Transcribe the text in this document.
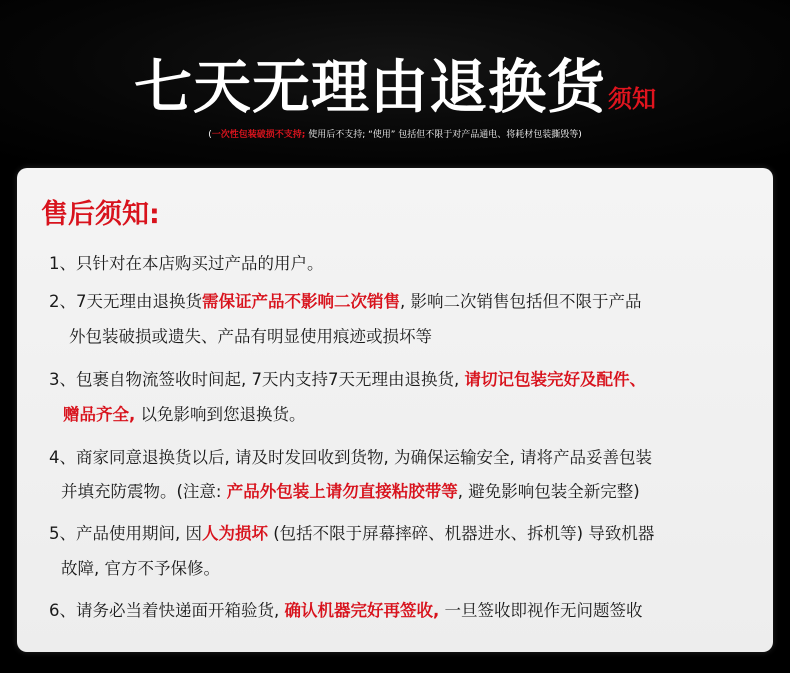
七天无理由退换货须知
(一次性包装破损不支持; 使用后不支持; “使用” 包括但不限于对产品通电、将耗材包装撕毁等)
售后须知:
1、只针对在本店购买过产品的用户。
2、7天无理由退换货需保证产品不影响二次销售, 影响二次销售包括但不限于产品
外包装破损或遗失、产品有明显使用痕迹或损坏等
3、包裹自物流签收时间起, 7天内支持7天无理由退换货, 请切记包装完好及配件、
赠品齐全, 以免影响到您退换货。
4、商家同意退换货以后, 请及时发回收到货物, 为确保运输安全, 请将产品妥善包装
并填充防震物。(注意: 产品外包装上请勿直接粘胶带等, 避免影响包装全新完整)
5、产品使用期间, 因人为损坏 (包括不限于屏幕摔碎、机器进水、拆机等) 导致机器
故障, 官方不予保修。
6、请务必当着快递面开箱验货, 确认机器完好再签收, 一旦签收即视作无问题签收
